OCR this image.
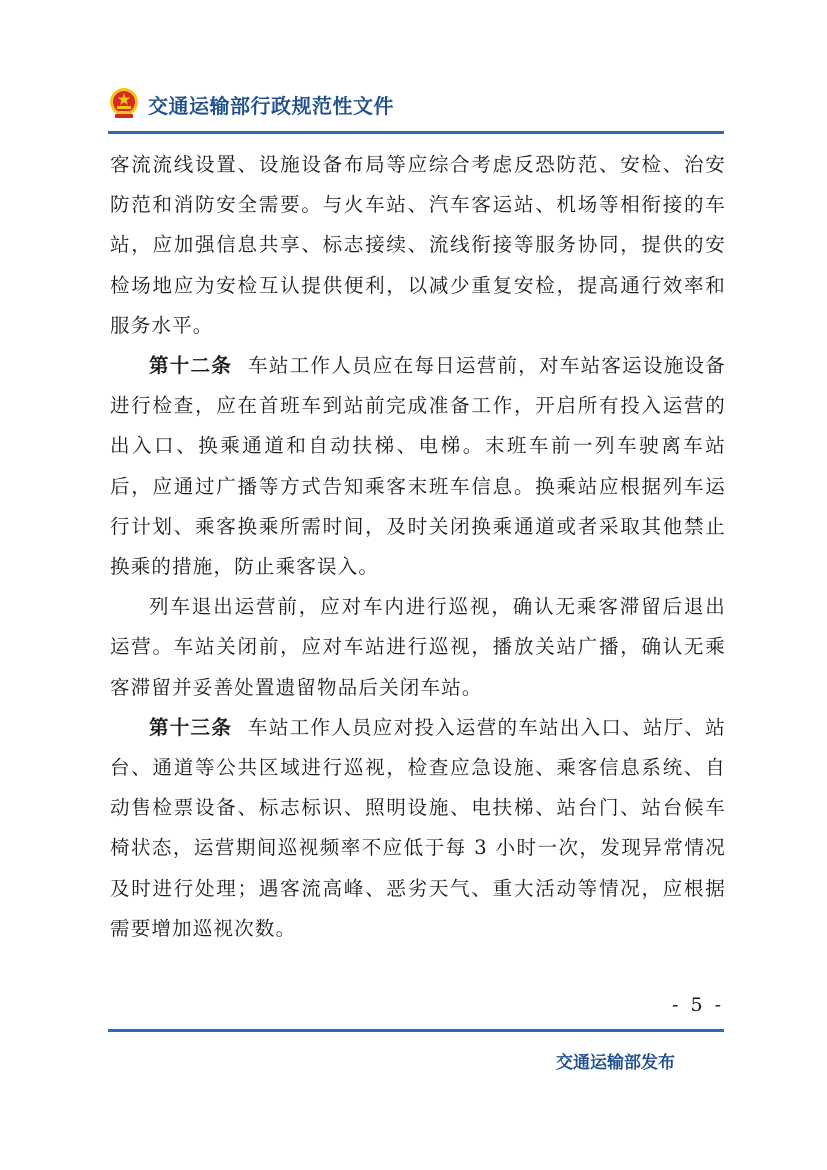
交通运输部行政规范性文件

客流流线设置、设施设备布局等应综合考虑反恐防范、安检、治安防范和消防安全需要。与火车站、汽车客运站、机场等相衔接的车站，应加强信息共享、标志接续、流线衔接等服务协同，提供的安检场地应为安检互认提供便利，以减少重复安检，提高通行效率和服务水平。

第十二条 车站工作人员应在每日运营前，对车站客运设施设备进行检查，应在首班车到站前完成准备工作，开启所有投入运营的出入口、换乘通道和自动扶梯、电梯。末班车前一列车驶离车站后，应通过广播等方式告知乘客末班车信息。换乘站应根据列车运行计划、乘客换乘所需时间，及时关闭换乘通道或者采取其他禁止换乘的措施，防止乘客误入。

列车退出运营前，应对车内进行巡视，确认无乘客滞留后退出运营。车站关闭前，应对车站进行巡视，播放关站广播，确认无乘客滞留并妥善处置遗留物品后关闭车站。

第十三条 车站工作人员应对投入运营的车站出入口、站厅、站台、通道等公共区域进行巡视，检查应急设施、乘客信息系统、自动售检票设备、标志标识、照明设施、电扶梯、站台门、站台候车椅状态，运营期间巡视频率不应低于每 3 小时一次，发现异常情况及时进行处理；遇客流高峰、恶劣天气、重大活动等情况，应根据需要增加巡视次数。

- 5 -
交通运输部发布
